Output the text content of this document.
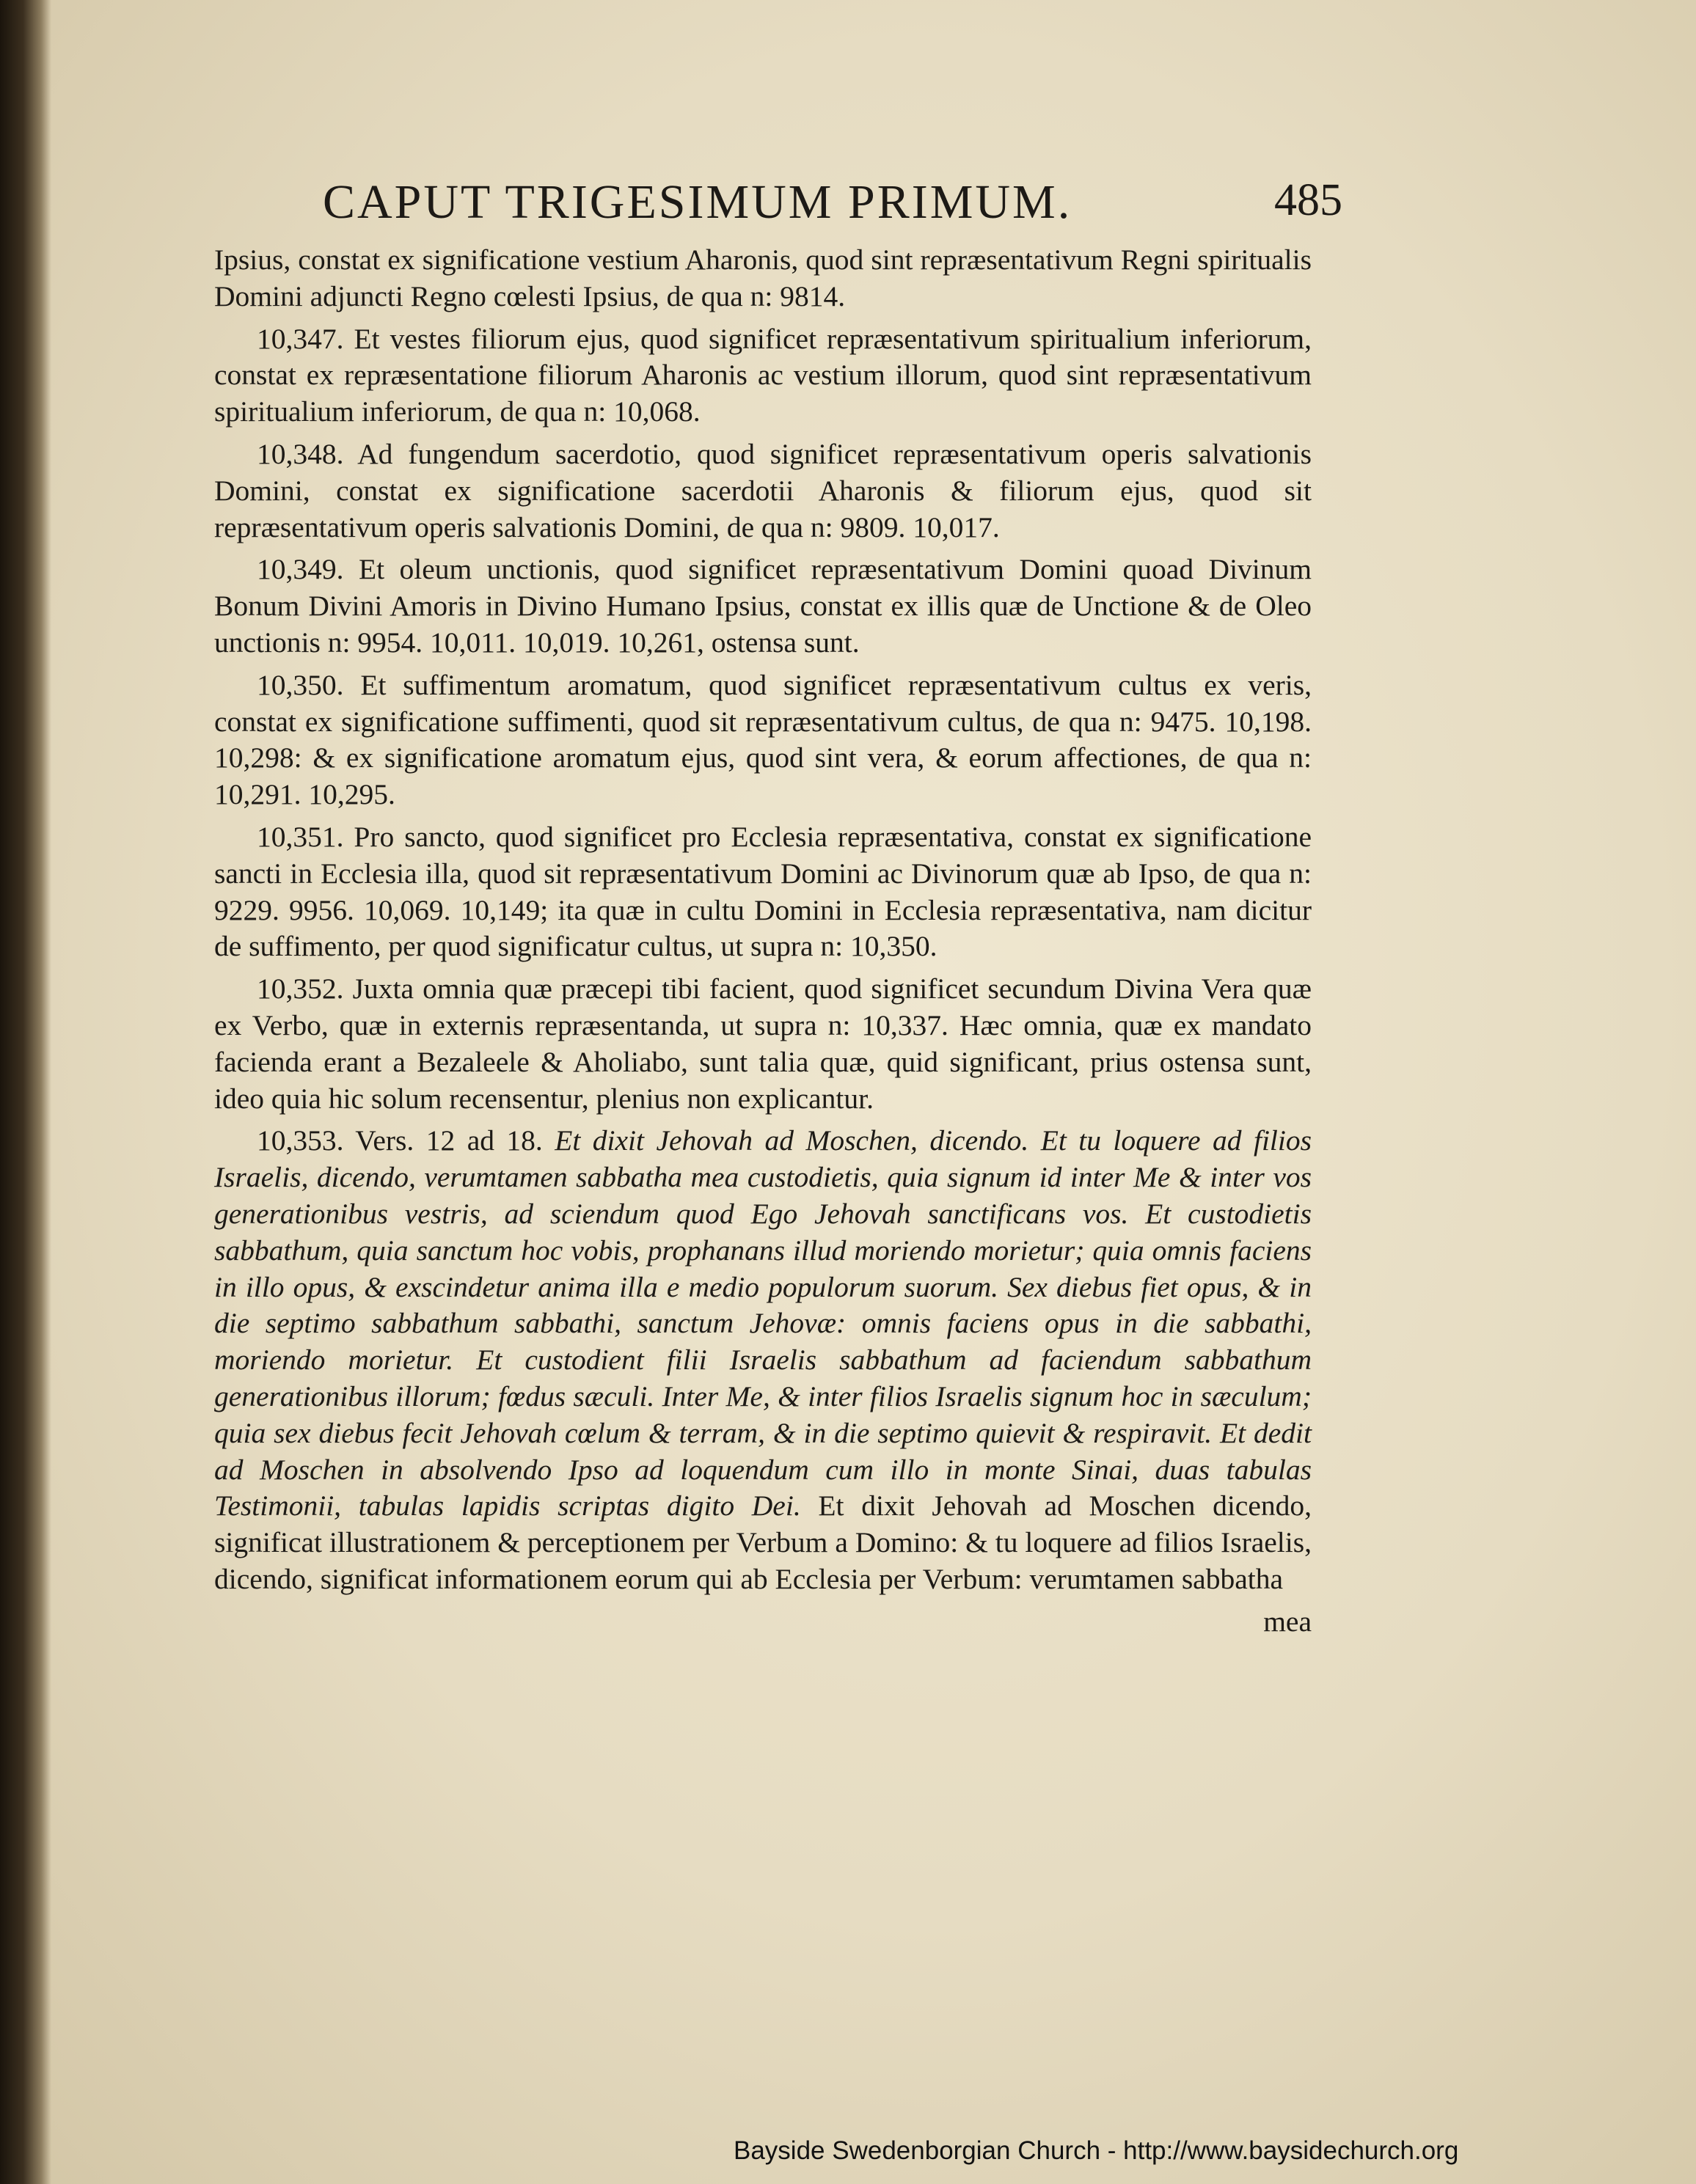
CAPUT TRIGESIMUM PRIMUM.	485

Ipsius, constat ex significatione vestium Aharonis, quod sint repræsentativum Regni spiritualis Domini adjuncti Regno cœlesti Ipsius, de qua n: 9814.

10,347. Et vestes filiorum ejus, quod significet repræsentativum spiritualium inferiorum, constat ex repræsentatione filiorum Aharonis ac vestium illorum, quod sint repræsentativum spiritualium inferiorum, de qua n: 10,068.

10,348. Ad fungendum sacerdotio, quod significet repræsentativum operis salvationis Domini, constat ex significatione sacerdotii Aharonis & filiorum ejus, quod sit repræsentativum operis salvationis Domini, de qua n: 9809. 10,017.

10,349. Et oleum unctionis, quod significet repræsentativum Domini quoad Divinum Bonum Divini Amoris in Divino Humano Ipsius, constat ex illis quæ de Unctione & de Oleo unctionis n: 9954. 10,011. 10,019. 10,261, ostensa sunt.

10,350. Et suffimentum aromatum, quod significet repræsentativum cultus ex veris, constat ex significatione suffimenti, quod sit repræsentativum cultus, de qua n: 9475. 10,198. 10,298: & ex significatione aromatum ejus, quod sint vera, & eorum affectiones, de qua n: 10,291. 10,295.

10,351. Pro sancto, quod significet pro Ecclesia repræsentativa, constat ex significatione sancti in Ecclesia illa, quod sit repræsentativum Domini ac Divinorum quæ ab Ipso, de qua n: 9229. 9956. 10,069. 10,149; ita quæ in cultu Domini in Ecclesia repræsentativa, nam dicitur de suffimento, per quod significatur cultus, ut supra n: 10,350.

10,352. Juxta omnia quæ præcepi tibi facient, quod significet secundum Divina Vera quæ ex Verbo, quæ in externis repræsentanda, ut supra n: 10,337. Hæc omnia, quæ ex mandato facienda erant a Bezaleele & Aholiabo, sunt talia quæ, quid significant, prius ostensa sunt, ideo quia hic solum recensentur, plenius non explicantur.

10,353. Vers. 12 ad 18. Et dixit Jehovah ad Moschen, dicendo. Et tu loquere ad filios Israelis, dicendo, verumtamen sabbatha mea custodietis, quia signum id inter Me & inter vos generationibus vestris, ad sciendum quod Ego Jehovah sanctificans vos. Et custodietis sabbathum, quia sanctum hoc vobis, prophanans illud moriendo morietur; quia omnis faciens in illo opus, & exscindetur anima illa e medio populorum suorum. Sex diebus fiet opus, & in die septimo sabbathum sabbathi, sanctum Jehovæ: omnis faciens opus in die sabbathi, moriendo morietur. Et custodient filii Israelis sabbathum ad faciendum sabbathum generationibus illorum; fœdus sæculi. Inter Me, & inter filios Israelis signum hoc in sæculum; quia sex diebus fecit Jehovah cœlum & terram, & in die septimo quievit & respiravit. Et dedit ad Moschen in absolvendo Ipso ad loquendum cum illo in monte Sinai, duas tabulas Testimonii, tabulas lapidis scriptas digito Dei. Et dixit Jehovah ad Moschen dicendo, significat illustrationem & perceptionem per Verbum a Domino: & tu loquere ad filios Israelis, dicendo, significat informationem eorum qui ab Ecclesia per Verbum: verumtamen sabbatha

mea
Bayside Swedenborgian Church - http://www.baysidechurch.org
